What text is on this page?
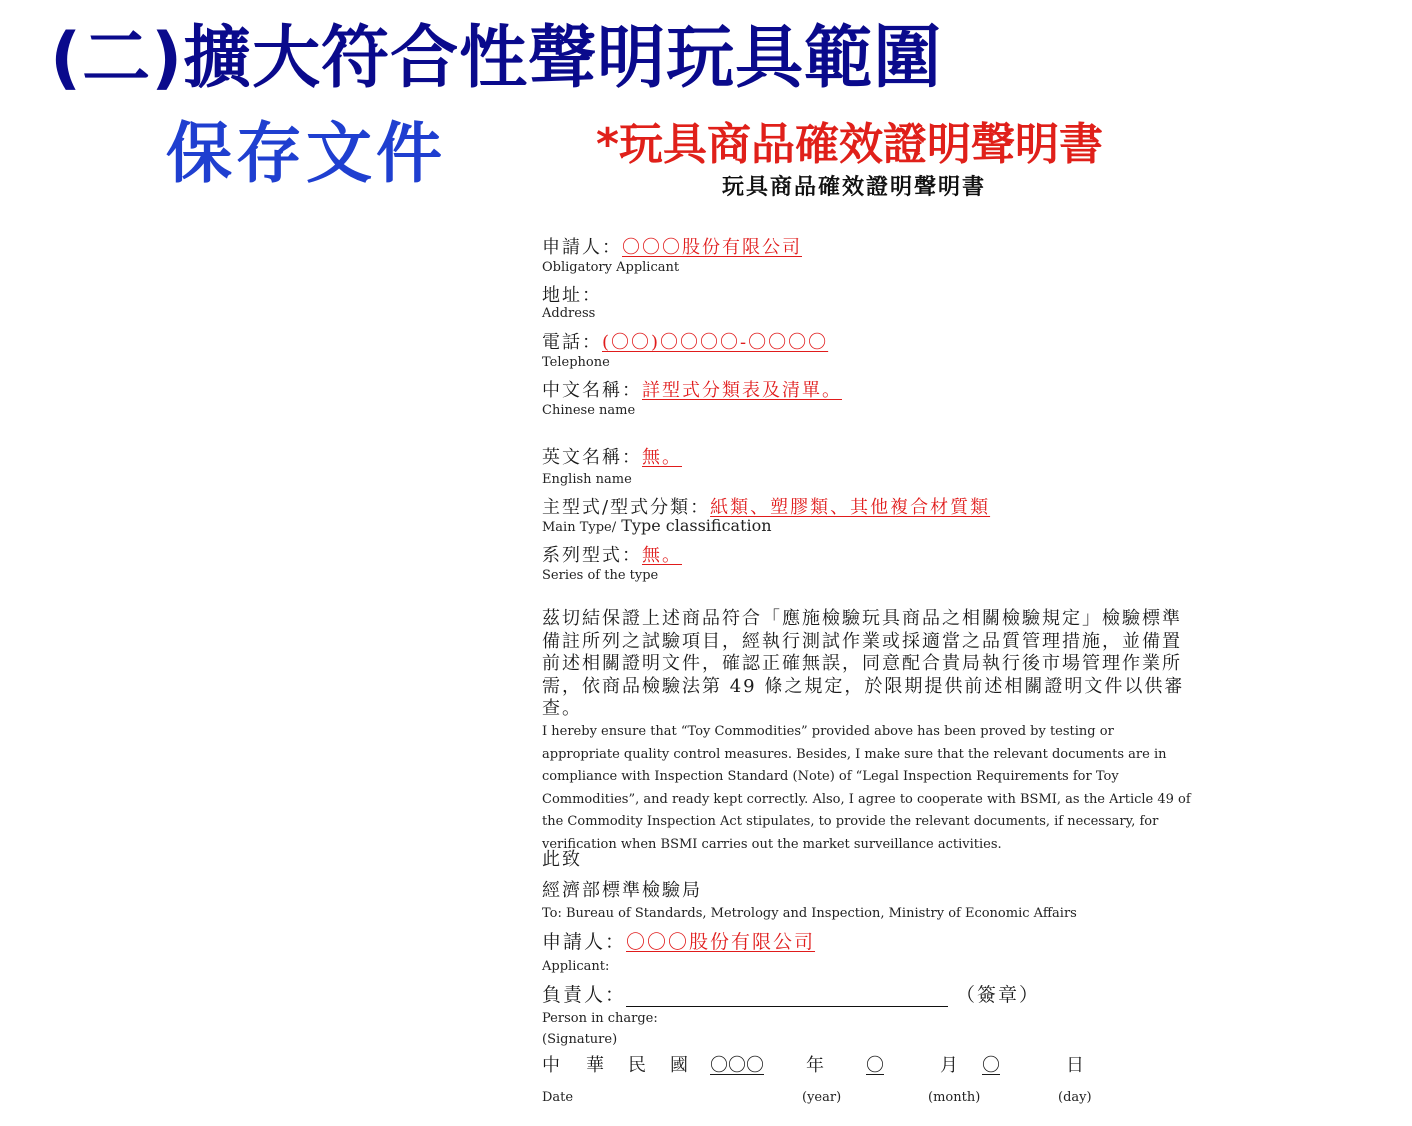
(二)擴大符合性聲明玩具範圍
保存文件	*玩具商品確效證明聲明書
玩具商品確效證明聲明書
申請人：〇〇〇股份有限公司
Obligatory Applicant
地址：
Address
電話：(〇〇)〇〇〇〇-〇〇〇〇
Telephone
中文名稱：詳型式分類表及清單。
Chinese name
英文名稱：無。
English name
主型式/型式分類：紙類、塑膠類、其他複合材質類
Main Type/ Type classification
系列型式：無。
Series of the type
茲切結保證上述商品符合「應施檢驗玩具商品之相關檢驗規定」檢驗標準備註所列之試驗項目，經執行測試作業或採適當之品質管理措施，並備置前述相關證明文件，確認正確無誤，同意配合貴局執行後市場管理作業所需，依商品檢驗法第 49 條之規定，於限期提供前述相關證明文件以供審查。
I hereby ensure that “Toy Commodities” provided above has been proved by testing or appropriate quality control measures. Besides, I make sure that the relevant documents are in compliance with Inspection Standard (Note) of “Legal Inspection Requirements for Toy Commodities”, and ready kept correctly. Also, I agree to cooperate with BSMI, as the Article 49 of the Commodity Inspection Act stipulates, to provide the relevant documents, if necessary, for verification when BSMI carries out the market surveillance activities.
此致
經濟部標準檢驗局
To: Bureau of Standards, Metrology and Inspection, Ministry of Economic Affairs
申請人：〇〇〇股份有限公司
Applicant:
負責人：	（簽章）
Person in charge:
(Signature)
中 華 民 國 〇〇〇 年 〇	月 〇	日
Date	(year)	(month)	(day)
